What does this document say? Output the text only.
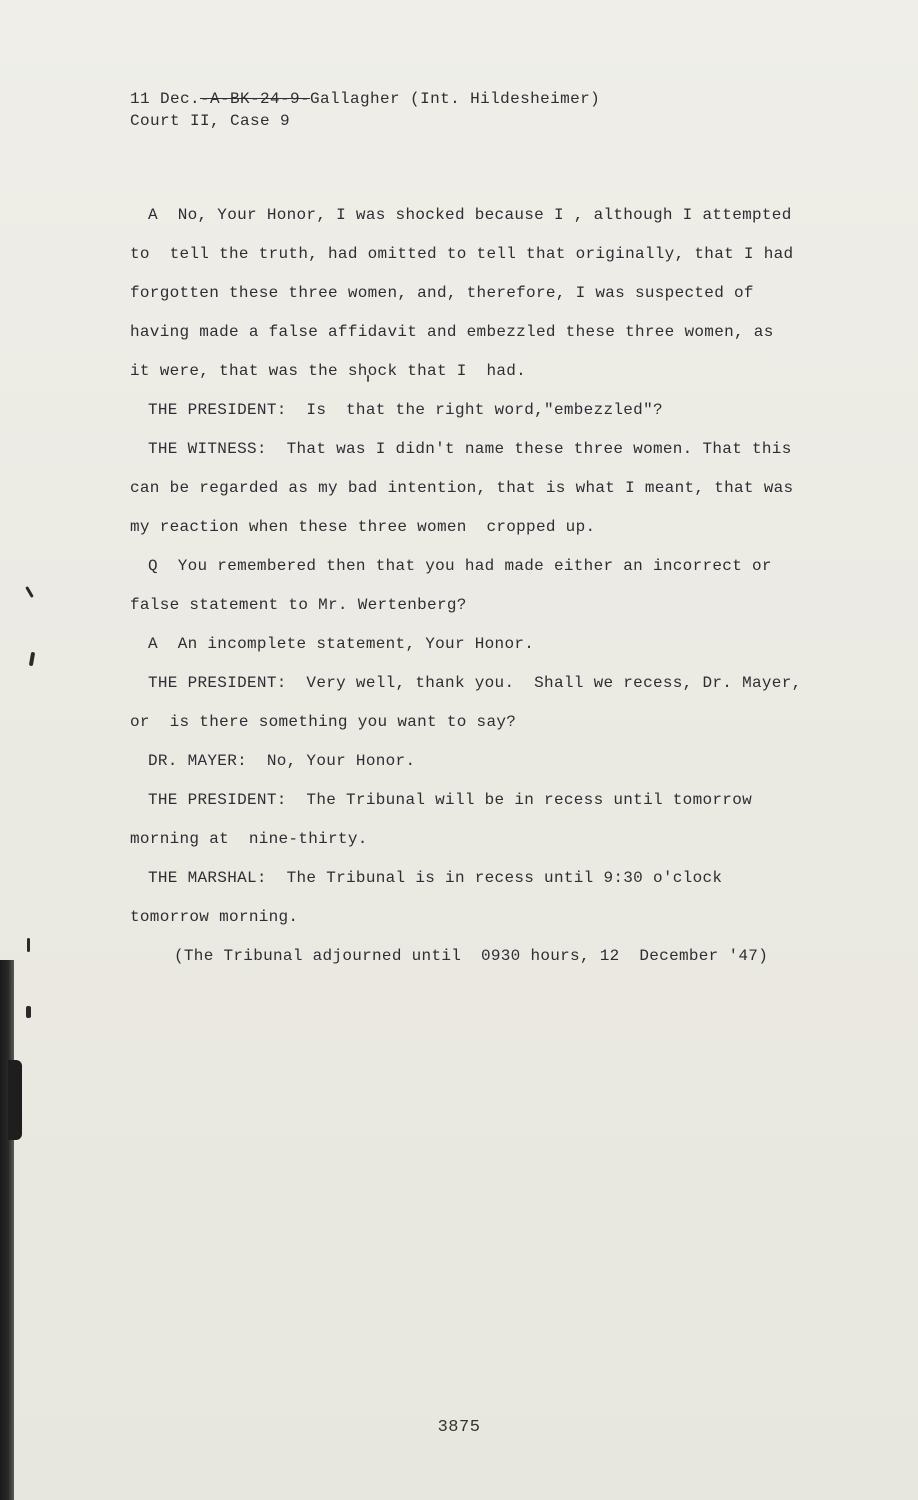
11 Dec.-A-BK-24-9-Gallagher (Int. Hildesheimer)
Court II, Case 9
A  No, Your Honor, I was shocked because I , although I attempted
to  tell the truth, had omitted to tell that originally, that I had
forgotten these three women, and, therefore, I was suspected of
having made a false affidavit and embezzled these three women, as
it were, that was the shock that I  had.
THE PRESIDENT:  Is  that the right word,"embezzled"?
THE WITNESS:  That was I didn't name these three women. That this
can be regarded as my bad intention, that is what I meant, that was
my reaction when these three women  cropped up.
Q  You remembered then that you had made either an incorrect or
false statement to Mr. Wertenberg?
A  An incomplete statement, Your Honor.
THE PRESIDENT:  Very well, thank you.  Shall we recess, Dr. Mayer,
or  is there something you want to say?
DR. MAYER:  No, Your Honor.
THE PRESIDENT:  The Tribunal will be in recess until tomorrow
morning at  nine-thirty.
THE MARSHAL:  The Tribunal is in recess until 9:30 o'clock
tomorrow morning.
(The Tribunal adjourned until  0930 hours, 12  December '47)
3875
